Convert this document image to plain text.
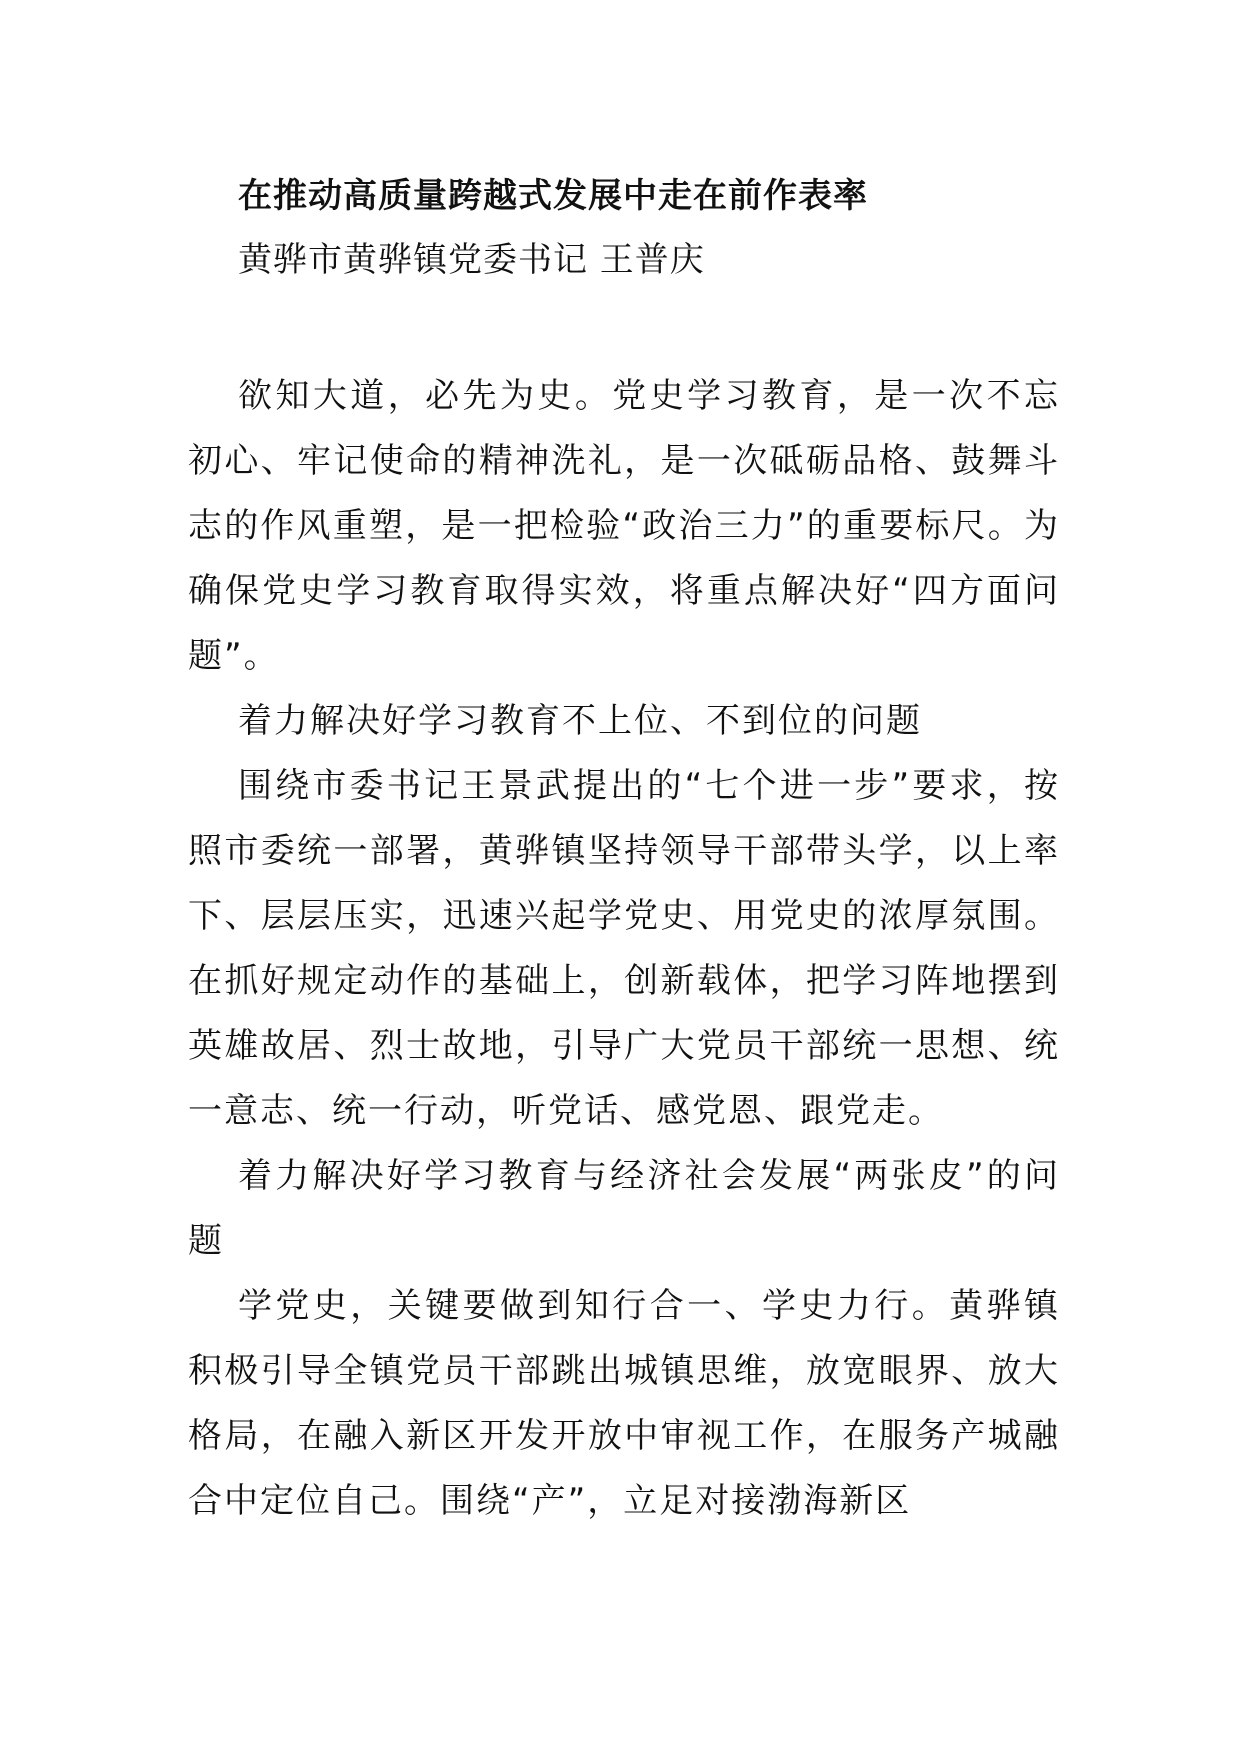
在推动高质量跨越式发展中走在前作表率
黄骅市黄骅镇党委书记 王普庆

欲知大道，必先为史。党史学习教育，是一次不忘初心、牢记使命的精神洗礼，是一次砥砺品格、鼓舞斗志的作风重塑，是一把检验“政治三力”的重要标尺。为确保党史学习教育取得实效，将重点解决好“四方面问题”。

着力解决好学习教育不上位、不到位的问题

围绕市委书记王景武提出的“七个进一步”要求，按照市委统一部署，黄骅镇坚持领导干部带头学，以上率下、层层压实，迅速兴起学党史、用党史的浓厚氛围。在抓好规定动作的基础上，创新载体，把学习阵地摆到英雄故居、烈士故地，引导广大党员干部统一思想、统一意志、统一行动，听党话、感党恩、跟党走。

着力解决好学习教育与经济社会发展“两张皮”的问题

学党史，关键要做到知行合一、学史力行。黄骅镇积极引导全镇党员干部跳出城镇思维，放宽眼界、放大格局，在融入新区开发开放中审视工作，在服务产城融合中定位自己。围绕“产”，立足对接渤海新区
